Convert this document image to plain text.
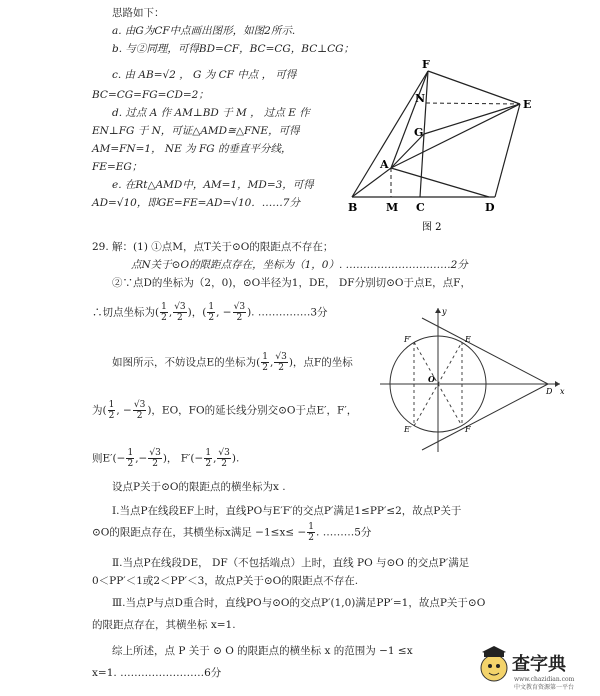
思路如下：
a. 由G为CF中点画出图形，如图2所示.
b. 与②同理，可得BD=CF，BC=CG，BC⊥CG；
c. 由 AB=√2 ， G 为 CF 中点 ， 可得
BC=CG=FG=CD=2；
d. 过点 A 作 AM⊥BD 于 M ， 过点 E 作
EN⊥FG 于 N，可证△AMD≅△FNE，可得
AM=FN=1， NE 为 FG 的垂直平分线，
FE=EG；
e. 在Rt△AMD中，AM=1，MD=3，可得
AD=√10，即GE=FE=AD=√10．……7分
F
N	E
G
A
B	M C	D
图 2
29. 解：(1) ①点M，点T关于⊙O的限距点不存在；
点N关于⊙O的限距点存在，坐标为（1，0）. …………………………2分
②∵点D的坐标为（2，0)，⊙O半径为1，DE， DF分别切⊙O于点E，点F，
∴切点坐标为( $\frac{1}{2}$ , $\frac{√3}{2}$ )，( $\frac{1}{2}$ , − $\frac{√3}{2}$ ). ……………3分
如图所示，不妨设点E的坐标为( $\frac{1}{2}$ , $\frac{√3}{2}$ )，点F的坐标
为( $\frac{1}{2}$ , − $\frac{√3}{2}$ )，EO，FO的延长线分别交⊙O于点E′，F′，
则$E'(- \frac{1}{2}$ ,− $\frac{√3}{2}$ )， $F'(- \frac{1}{2}$ , $\frac{√3}{2}$ ).
设点P关于⊙O的限距点的横坐标为x .
Ⅰ.当点P在线段EF上时，直线PO与E′F′的交点P′满足1≤PP′≤2，故点P关于
⊙O的限距点存在，其横坐标x满足 $-1\le x\le - \frac{1}{2}$ . ………5分
Ⅱ.当点P在线段DE， DF（不包括端点）上时，直线 PO 与⊙O 的交点P′满足
0＜PP′＜1或2＜PP′＜3，故点P关于⊙O的限距点不存在.
Ⅲ.当点P与点D重合时，直线PO与⊙O的交点P′(1,0)满足PP′=1，故点P关于⊙O
的限距点存在，其横坐标 x=1.
综上所述，点 P 关于 ⊙ O 的限距点的横坐标 x 的范围为 −1 ≤x
x=1. ……………………6分
y
x
O
D
E
F
E′
F′
查字典
www.chazidian.com
中文教育资源第一平台
